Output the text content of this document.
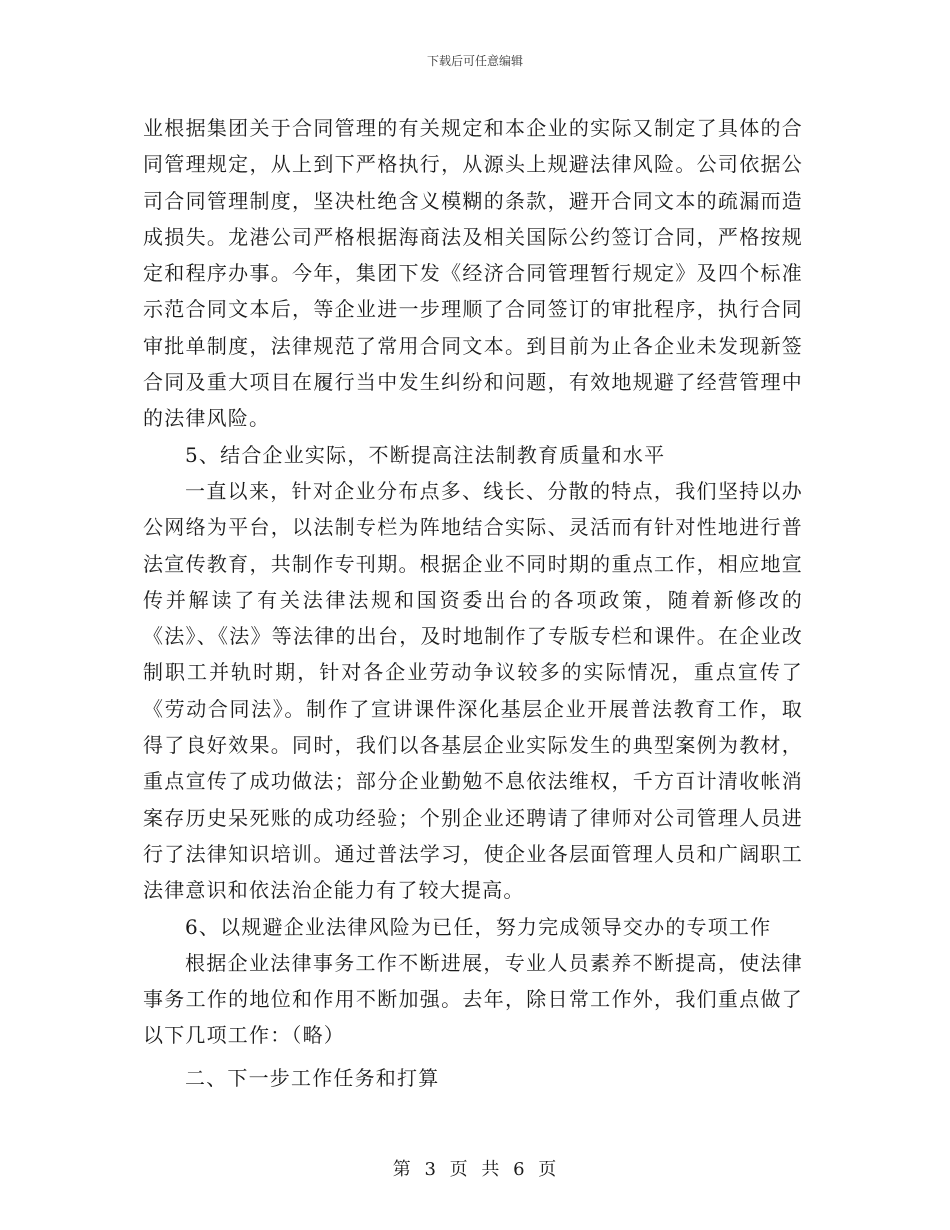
下载后可任意编辑

业根据集团关于合同管理的有关规定和本企业的实际又制定了具体的合同管理规定，从上到下严格执行，从源头上规避法律风险。公司依据公司合同管理制度，坚决杜绝含义模糊的条款，避开合同文本的疏漏而造成损失。龙港公司严格根据海商法及相关国际公约签订合同，严格按规定和程序办事。今年，集团下发《经济合同管理暂行规定》及四个标准示范合同文本后，等企业进一步理顺了合同签订的审批程序，执行合同审批单制度，法律规范了常用合同文本。到目前为止各企业未发现新签合同及重大项目在履行当中发生纠纷和问题，有效地规避了经营管理中的法律风险。

5、结合企业实际，不断提高注法制教育质量和水平

一直以来，针对企业分布点多、线长、分散的特点，我们坚持以办公网络为平台，以法制专栏为阵地结合实际、灵活而有针对性地进行普法宣传教育，共制作专刊期。根据企业不同时期的重点工作，相应地宣传并解读了有关法律法规和国资委出台的各项政策，随着新修改的《法》、《法》等法律的出台，及时地制作了专版专栏和课件。在企业改制职工并轨时期，针对各企业劳动争议较多的实际情况，重点宣传了《劳动合同法》。制作了宣讲课件深化基层企业开展普法教育工作，取得了良好效果。同时，我们以各基层企业实际发生的典型案例为教材，重点宣传了成功做法；部分企业勤勉不息依法维权，千方百计清收帐消案存历史呆死账的成功经验；个别企业还聘请了律师对公司管理人员进行了法律知识培训。通过普法学习，使企业各层面管理人员和广阔职工法律意识和依法治企能力有了较大提高。

6、以规避企业法律风险为已任，努力完成领导交办的专项工作

根据企业法律事务工作不断进展，专业人员素养不断提高，使法律事务工作的地位和作用不断加强。去年，除日常工作外，我们重点做了以下几项工作：（略）

二、下一步工作任务和打算

第 3 页 共 6 页
